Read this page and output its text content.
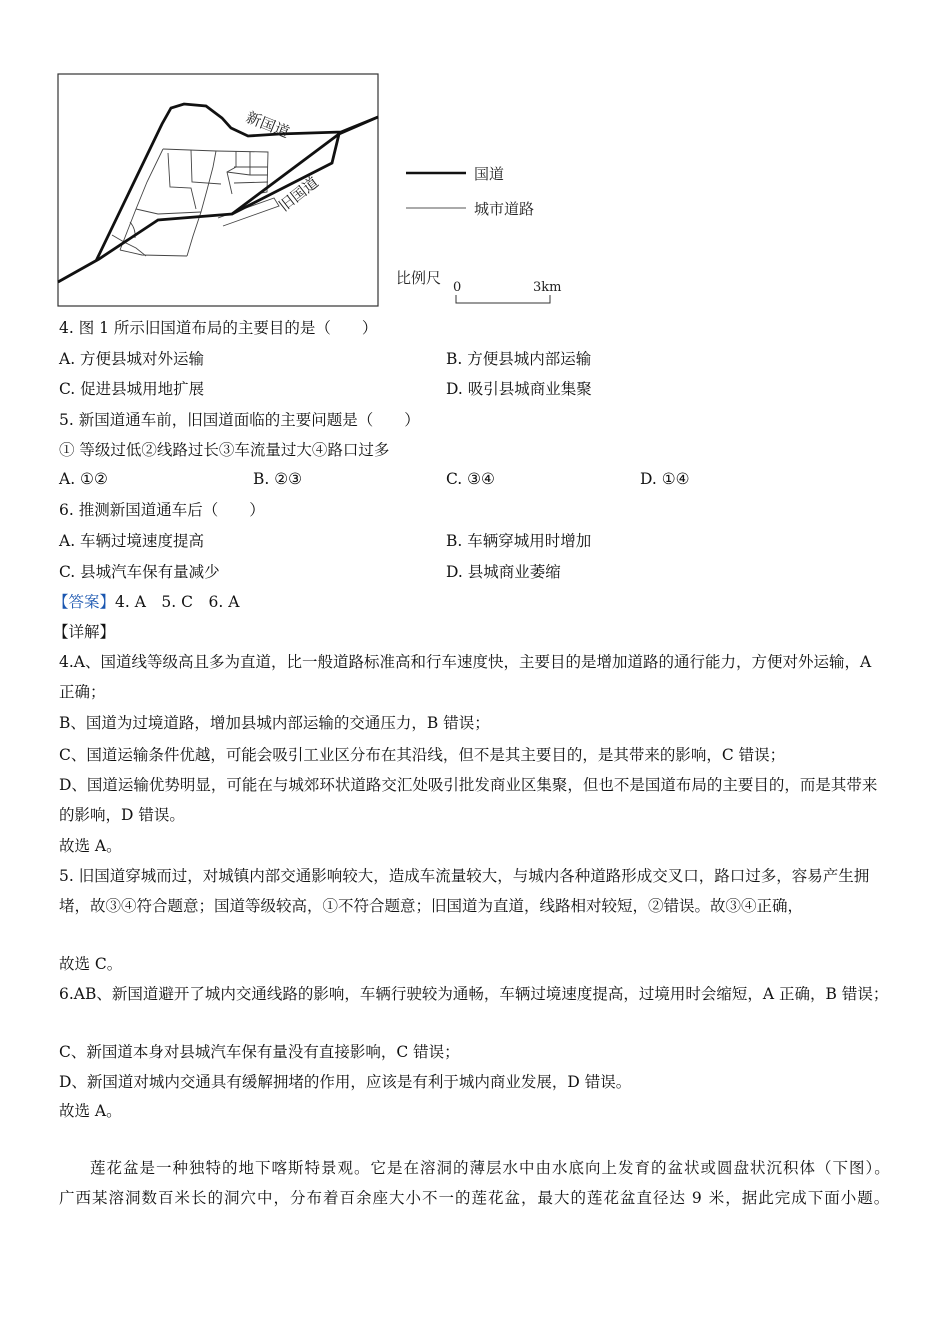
新国道
旧国道	国道
城市道路
比例尺
0	3km
4. 图 1 所示旧国道布局的主要目的是（　　）
A. 方便县城对外运输	B. 方便县城内部运输
C. 促进县城用地扩展	D. 吸引县城商业集聚
5. 新国道通车前，旧国道面临的主要问题是（　　）
① 等级过低②线路过长③车流量过大④路口过多
A. ①②	B. ②③	C. ③④	D. ①④
6. 推测新国道通车后（　　）
A. 车辆过境速度提高	B. 车辆穿城用时增加
C. 县城汽车保有量减少	D. 县城商业萎缩
【答案】4. A　5. C　6. A
【详解】
4.A、国道线等级高且多为直道，比一般道路标准高和行车速度快，主要目的是增加道路的通行能力，方便对外运输，A 正确；
B、国道为过境道路，增加县城内部运输的交通压力，B 错误；
C、国道运输条件优越，可能会吸引工业区分布在其沿线，但不是其主要目的，是其带来的影响，C 错误；
D、国道运输优势明显，可能在与城郊环状道路交汇处吸引批发商业区集聚，但也不是国道布局的主要目的，而是其带来的影响，D 错误。
故选 A。
5. 旧国道穿城而过，对城镇内部交通影响较大，造成车流量较大，与城内各种道路形成交叉口，路口过多，容易产生拥堵，故③④符合题意；国道等级较高，①不符合题意；旧国道为直道，线路相对较短，②错误。故③④正确，
故选 C。
6.AB、新国道避开了城内交通线路的影响，车辆行驶较为通畅，车辆过境速度提高，过境用时会缩短，A 正确，B 错误；
C、新国道本身对县城汽车保有量没有直接影响，C 错误；
D、新国道对城内交通具有缓解拥堵的作用，应该是有利于城内商业发展，D 错误。
故选 A。
莲花盆是一种独特的地下喀斯特景观。它是在溶洞的薄层水中由水底向上发育的盆状或圆盘状沉积体（下图）。广西某溶洞数百米长的洞穴中，分布着百余座大小不一的莲花盆，最大的莲花盆直径达 9 米，据此完成下面小题。
